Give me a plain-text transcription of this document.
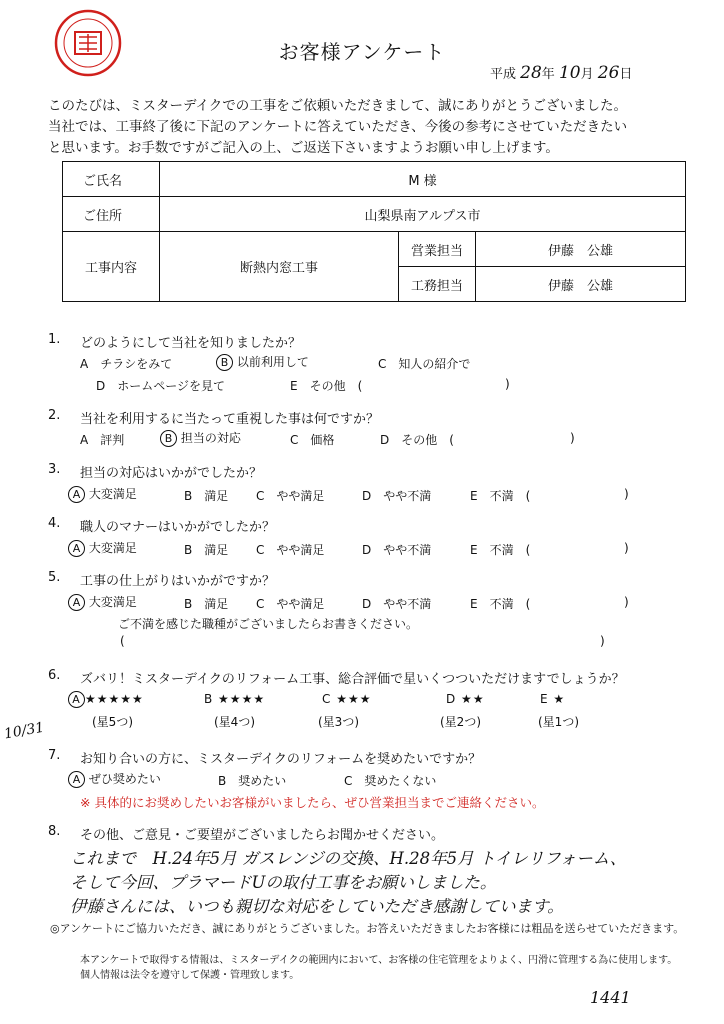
お客様アンケート
平成 28年 10月 26日
このたびは、ミスターデイクでの工事をご依頼いただきまして、誠にありがとうございました。
当社では、工事終了後に下記のアンケートに答えていただき、今後の参考にさせていただきたい
と思います。お手数ですがご記入の上、ご返送下さいますようお願い申し上げます。
ご氏名	M 様		
ご住所	山梨県南アルプス市		
工事内容	断熱内窓工事	営業担当	伊藤　公雄
		工務担当	伊藤　公雄
1. どのようにして当社を知りましたか？
A　チラシをみて	B 以前利用して	C　知人の紹介で
D　ホームページを見て	E　その他　(	)
2. 当社を利用するに当たって重視した事は何ですか？
A　評判	B 担当の対応	C　価格	D　その他　(	)
3. 担当の対応はいかがでしたか？
A 大変満足	B　満足 C　やや満足	D　やや不満	E　不満　(	)
4. 職人のマナーはいかがでしたか？
A 大変満足	B　満足 C　やや満足	D　やや不満	E　不満　(	)
5. 工事の仕上がりはいかがですか？
A 大変満足	B　満足 C　やや満足	D　やや不満	E　不満　(	)
ご不満を感じた職種がございましたらお書きください。
(	)
6. ズバリ！ミスターデイクのリフォーム工事、総合評価で星いくつついただけますでしょうか？
A ★★★★★
(星5つ)
B ★★★★
(星4つ)
C ★★★
(星3つ)
D ★★
(星2つ)
E ★
(星1つ)
10/31
7. お知り合いの方に、ミスターデイクのリフォームを奨めたいですか？
A ぜひ奨めたい	B　奨めたい	C　奨めたくない
※ 具体的にお奨めしたいお客様がいましたら、ぜひ営業担当までご連絡ください。
8. その他、ご意見・ご要望がございましたらお聞かせください。
これまで　H.24年5月 ガスレンジの交換、H.28年5月 トイレリフォーム、
そして今回、プラマードUの取付工事をお願いしました。
伊藤さんには、いつも親切な対応をしていただき感謝しています。
◎アンケートにご協力いただき、誠にありがとうございました。お答えいただきましたお客様には粗品を送らせていただきます。
本アンケートで取得する情報は、ミスターデイクの範囲内において、お客様の住宅管理をよりよく、円滑に管理する為に使用します。
個人情報は法令を遵守して保護・管理致します。
1441
